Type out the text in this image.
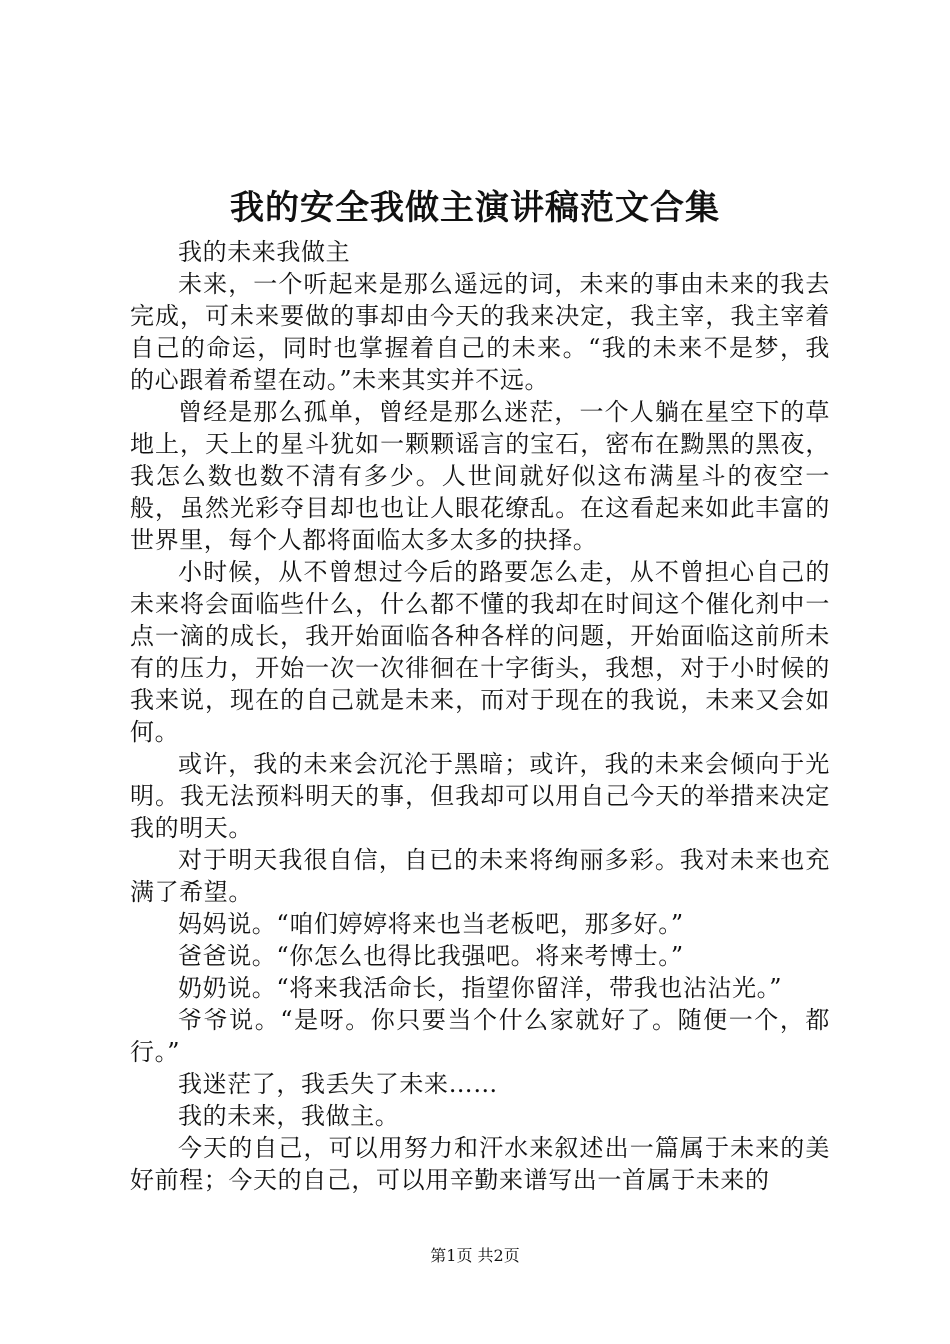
我的安全我做主演讲稿范文合集

我的未来我做主

未来，一个听起来是那么遥远的词，未来的事由未来的我去完成，可未来要做的事却由今天的我来决定，我主宰，我主宰着自己的命运，同时也掌握着自己的未来。“我的未来不是梦，我的心跟着希望在动。”未来其实并不远。

曾经是那么孤单，曾经是那么迷茫，一个人躺在星空下的草地上，天上的星斗犹如一颗颗谣言的宝石，密布在黝黑的黑夜，我怎么数也数不清有多少。人世间就好似这布满星斗的夜空一般，虽然光彩夺目却也也让人眼花缭乱。在这看起来如此丰富的世界里，每个人都将面临太多太多的抉择。

小时候，从不曾想过今后的路要怎么走，从不曾担心自己的未来将会面临些什么，什么都不懂的我却在时间这个催化剂中一点一滴的成长，我开始面临各种各样的问题，开始面临这前所未有的压力，开始一次一次徘徊在十字街头，我想，对于小时候的我来说，现在的自己就是未来，而对于现在的我说，未来又会如何。

或许，我的未来会沉沦于黑暗；或许，我的未来会倾向于光明。我无法预料明天的事，但我却可以用自己今天的举措来决定我的明天。

对于明天我很自信，自已的未来将绚丽多彩。我对未来也充满了希望。

妈妈说。“咱们婷婷将来也当老板吧，那多好。”

爸爸说。“你怎么也得比我强吧。将来考博士。”

奶奶说。“将来我活命长，指望你留洋，带我也沾沾光。”

爷爷说。“是呀。你只要当个什么家就好了。随便一个，都行。”

我迷茫了，我丢失了未来……

我的未来，我做主。

今天的自己，可以用努力和汗水来叙述出一篇属于未来的美好前程；今天的自己，可以用辛勤来谱写出一首属于未来的

第1页 共2页
